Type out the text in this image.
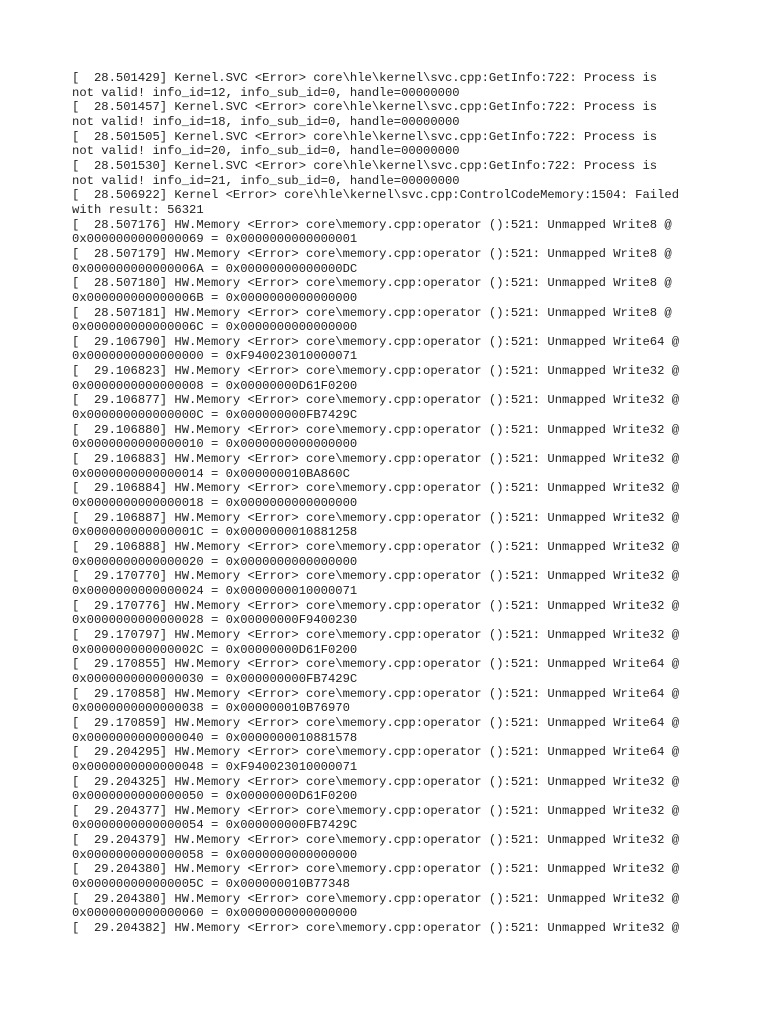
[  28.501429] Kernel.SVC <Error> core\hle\kernel\svc.cpp:GetInfo:722: Process is
not valid! info_id=12, info_sub_id=0, handle=00000000
[  28.501457] Kernel.SVC <Error> core\hle\kernel\svc.cpp:GetInfo:722: Process is
not valid! info_id=18, info_sub_id=0, handle=00000000
[  28.501505] Kernel.SVC <Error> core\hle\kernel\svc.cpp:GetInfo:722: Process is
not valid! info_id=20, info_sub_id=0, handle=00000000
[  28.501530] Kernel.SVC <Error> core\hle\kernel\svc.cpp:GetInfo:722: Process is
not valid! info_id=21, info_sub_id=0, handle=00000000
[  28.506922] Kernel <Error> core\hle\kernel\svc.cpp:ControlCodeMemory:1504: Failed
with result: 56321
[  28.507176] HW.Memory <Error> core\memory.cpp:operator ():521: Unmapped Write8 @
0x0000000000000069 = 0x0000000000000001
[  28.507179] HW.Memory <Error> core\memory.cpp:operator ():521: Unmapped Write8 @
0x000000000000006A = 0x00000000000000DC
[  28.507180] HW.Memory <Error> core\memory.cpp:operator ():521: Unmapped Write8 @
0x000000000000006B = 0x0000000000000000
[  28.507181] HW.Memory <Error> core\memory.cpp:operator ():521: Unmapped Write8 @
0x000000000000006C = 0x0000000000000000
[  29.106790] HW.Memory <Error> core\memory.cpp:operator ():521: Unmapped Write64 @
0x0000000000000000 = 0xF940023010000071
[  29.106823] HW.Memory <Error> core\memory.cpp:operator ():521: Unmapped Write32 @
0x0000000000000008 = 0x00000000D61F0200
[  29.106877] HW.Memory <Error> core\memory.cpp:operator ():521: Unmapped Write32 @
0x000000000000000C = 0x000000000FB7429C
[  29.106880] HW.Memory <Error> core\memory.cpp:operator ():521: Unmapped Write32 @
0x0000000000000010 = 0x0000000000000000
[  29.106883] HW.Memory <Error> core\memory.cpp:operator ():521: Unmapped Write32 @
0x0000000000000014 = 0x000000010BA860C
[  29.106884] HW.Memory <Error> core\memory.cpp:operator ():521: Unmapped Write32 @
0x0000000000000018 = 0x0000000000000000
[  29.106887] HW.Memory <Error> core\memory.cpp:operator ():521: Unmapped Write32 @
0x000000000000001C = 0x0000000010881258
[  29.106888] HW.Memory <Error> core\memory.cpp:operator ():521: Unmapped Write32 @
0x0000000000000020 = 0x0000000000000000
[  29.170770] HW.Memory <Error> core\memory.cpp:operator ():521: Unmapped Write32 @
0x0000000000000024 = 0x0000000010000071
[  29.170776] HW.Memory <Error> core\memory.cpp:operator ():521: Unmapped Write32 @
0x0000000000000028 = 0x00000000F9400230
[  29.170797] HW.Memory <Error> core\memory.cpp:operator ():521: Unmapped Write32 @
0x000000000000002C = 0x00000000D61F0200
[  29.170855] HW.Memory <Error> core\memory.cpp:operator ():521: Unmapped Write64 @
0x0000000000000030 = 0x000000000FB7429C
[  29.170858] HW.Memory <Error> core\memory.cpp:operator ():521: Unmapped Write64 @
0x0000000000000038 = 0x000000010B76970
[  29.170859] HW.Memory <Error> core\memory.cpp:operator ():521: Unmapped Write64 @
0x0000000000000040 = 0x0000000010881578
[  29.204295] HW.Memory <Error> core\memory.cpp:operator ():521: Unmapped Write64 @
0x0000000000000048 = 0xF940023010000071
[  29.204325] HW.Memory <Error> core\memory.cpp:operator ():521: Unmapped Write32 @
0x0000000000000050 = 0x00000000D61F0200
[  29.204377] HW.Memory <Error> core\memory.cpp:operator ():521: Unmapped Write32 @
0x0000000000000054 = 0x000000000FB7429C
[  29.204379] HW.Memory <Error> core\memory.cpp:operator ():521: Unmapped Write32 @
0x0000000000000058 = 0x0000000000000000
[  29.204380] HW.Memory <Error> core\memory.cpp:operator ():521: Unmapped Write32 @
0x000000000000005C = 0x000000010B77348
[  29.204380] HW.Memory <Error> core\memory.cpp:operator ():521: Unmapped Write32 @
0x0000000000000060 = 0x0000000000000000
[  29.204382] HW.Memory <Error> core\memory.cpp:operator ():521: Unmapped Write32 @
